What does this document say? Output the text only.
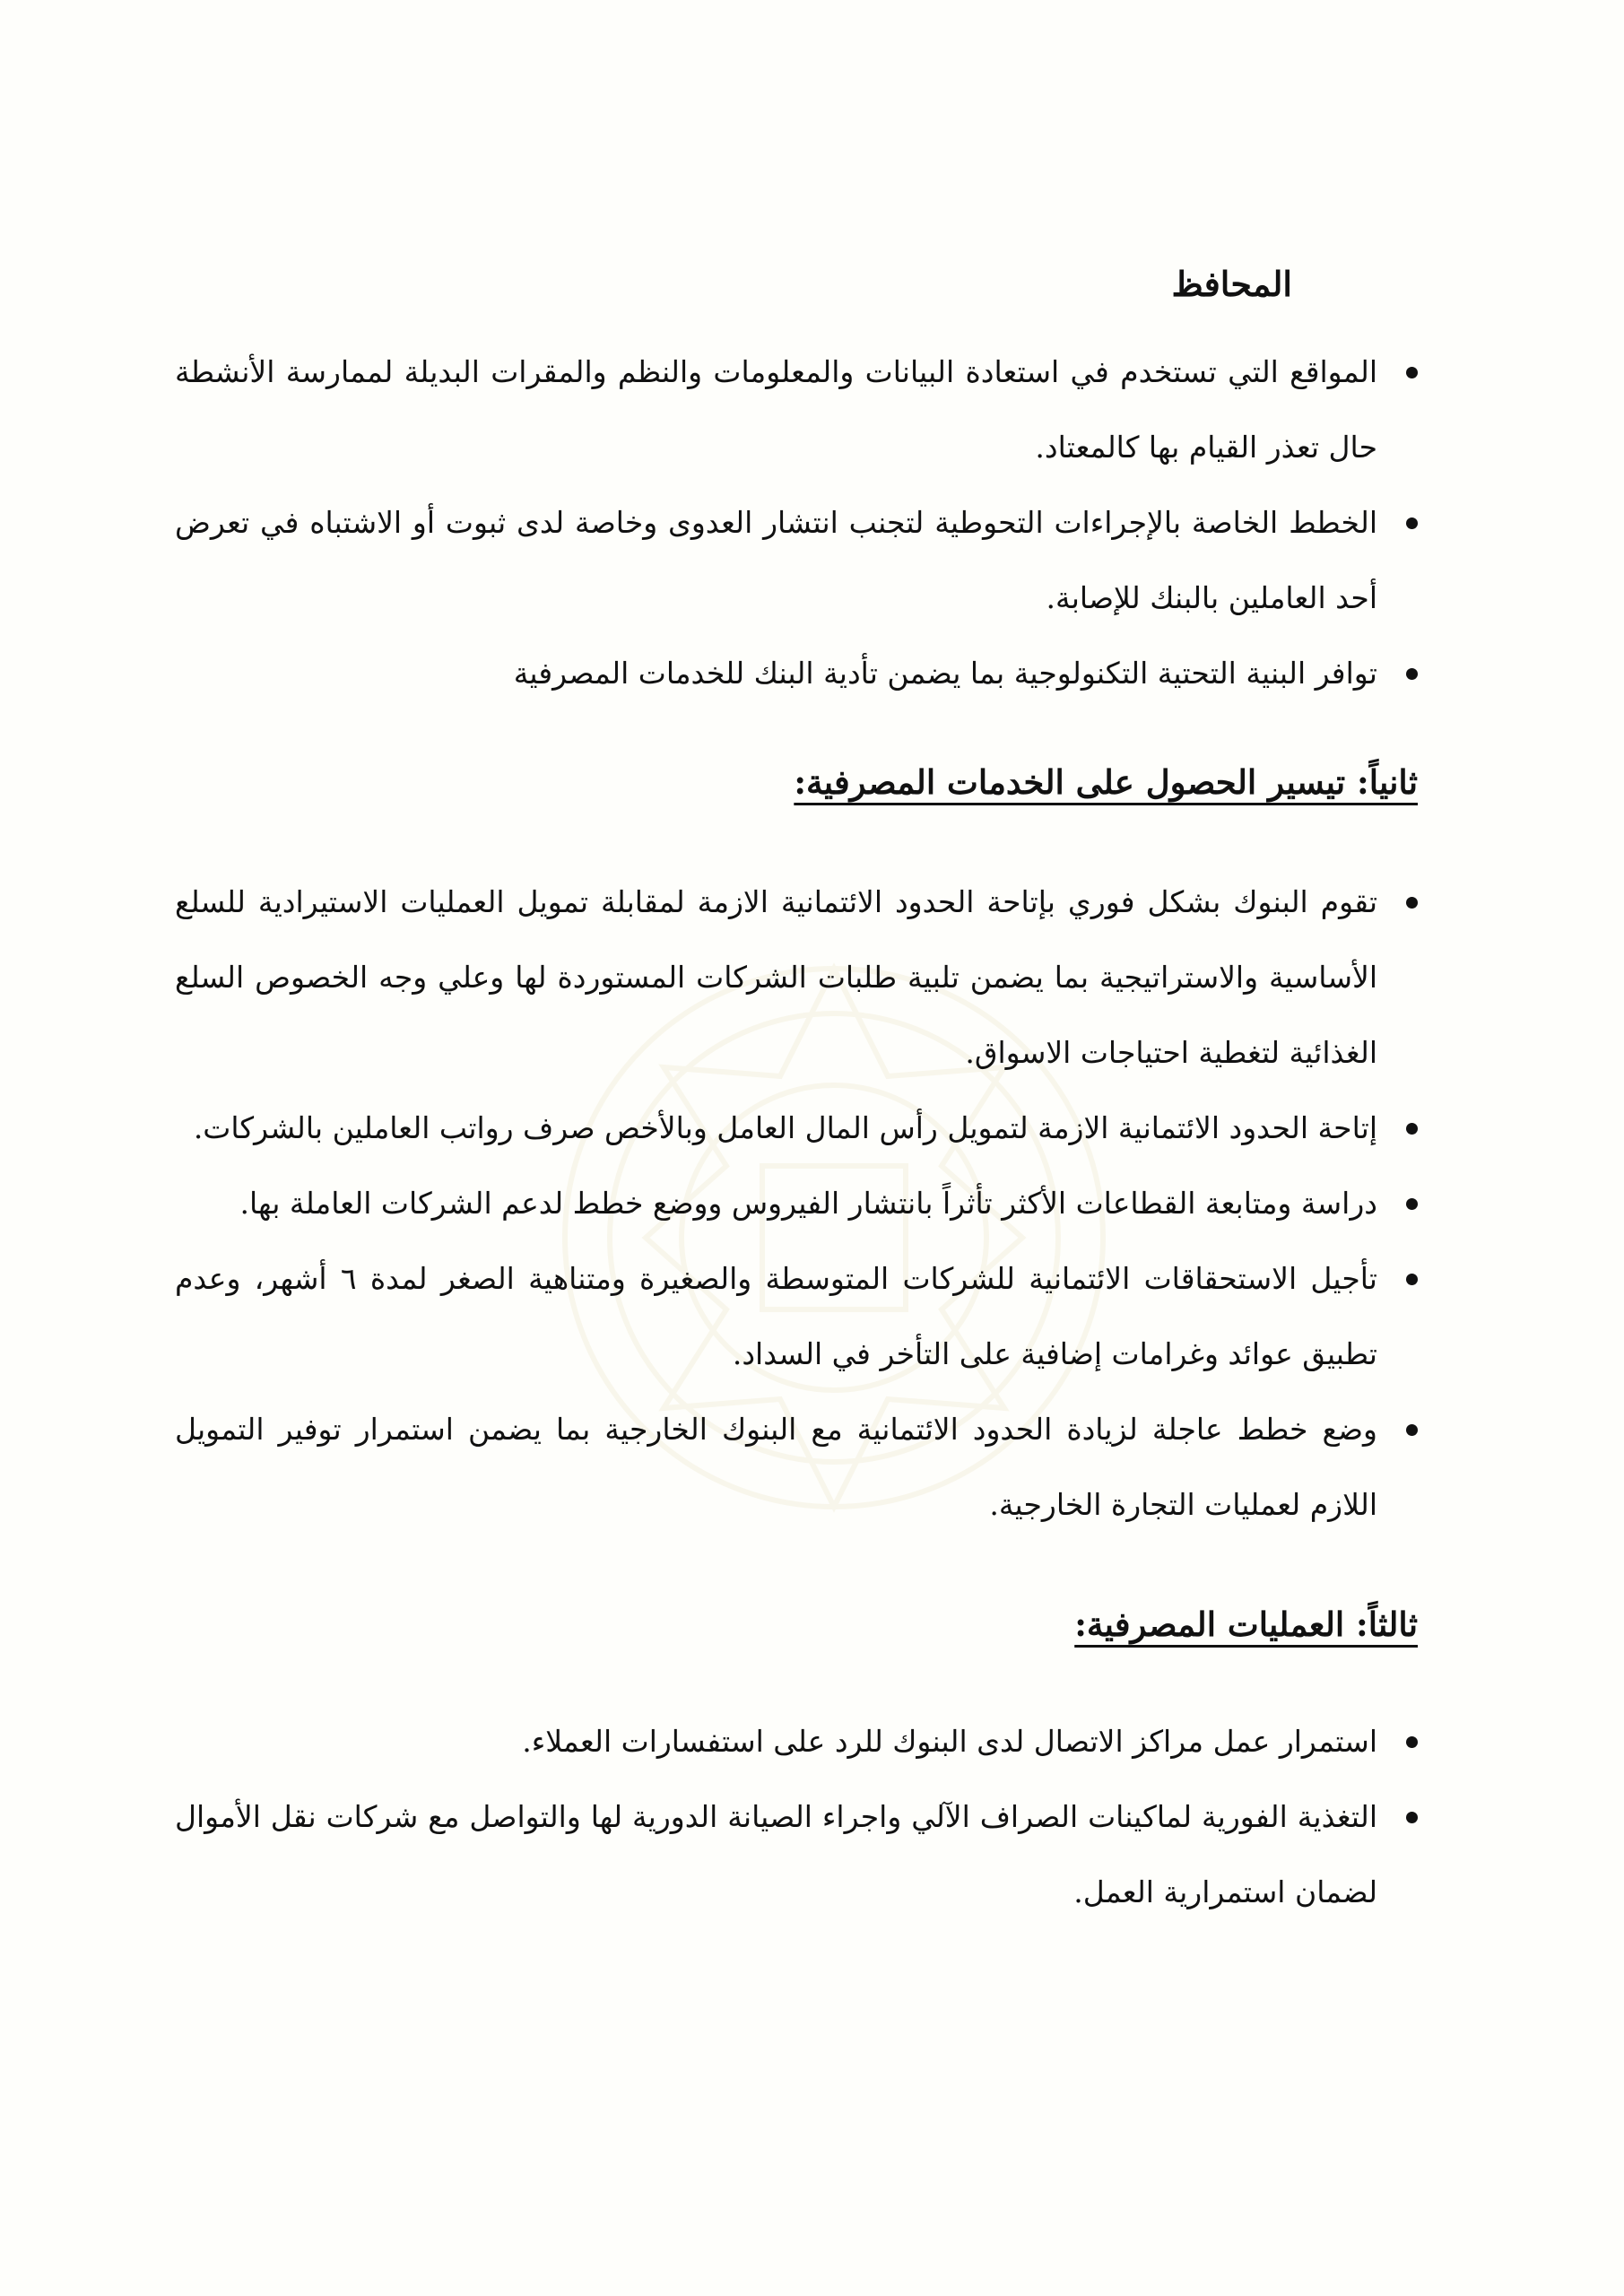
المحافظ
المواقع التي تستخدم في استعادة البيانات والمعلومات والنظم والمقرات البديلة لممارسة الأنشطة حال تعذر القيام بها كالمعتاد.
الخطط الخاصة بالإجراءات التحوطية لتجنب انتشار العدوى وخاصة لدى ثبوت أو الاشتباه في تعرض أحد العاملين بالبنك للإصابة.
توافر البنية التحتية التكنولوجية بما يضمن تأدية البنك للخدمات المصرفية
ثانياً: تيسير الحصول على الخدمات المصرفية:
تقوم البنوك بشكل فوري بإتاحة الحدود الائتمانية الازمة لمقابلة تمويل العمليات الاستيرادية للسلع الأساسية والاستراتيجية بما يضمن تلبية طلبات الشركات المستوردة لها وعلي وجه الخصوص السلع الغذائية لتغطية احتياجات الاسواق.
إتاحة الحدود الائتمانية الازمة لتمويل رأس المال العامل وبالأخص صرف رواتب العاملين بالشركات.
دراسة ومتابعة القطاعات الأكثر تأثراً بانتشار الفيروس ووضع خطط لدعم الشركات العاملة بها.
تأجيل الاستحقاقات الائتمانية للشركات المتوسطة والصغيرة ومتناهية الصغر لمدة ٦ أشهر، وعدم تطبيق عوائد وغرامات إضافية على التأخر في السداد.
وضع خطط عاجلة لزيادة الحدود الائتمانية مع البنوك الخارجية بما يضمن استمرار توفير التمويل اللازم لعمليات التجارة الخارجية.
ثالثاً: العمليات المصرفية:
استمرار عمل مراكز الاتصال لدى البنوك للرد على استفسارات العملاء.
التغذية الفورية لماكينات الصراف الآلي واجراء الصيانة الدورية لها والتواصل مع شركات نقل الأموال لضمان استمرارية العمل.
